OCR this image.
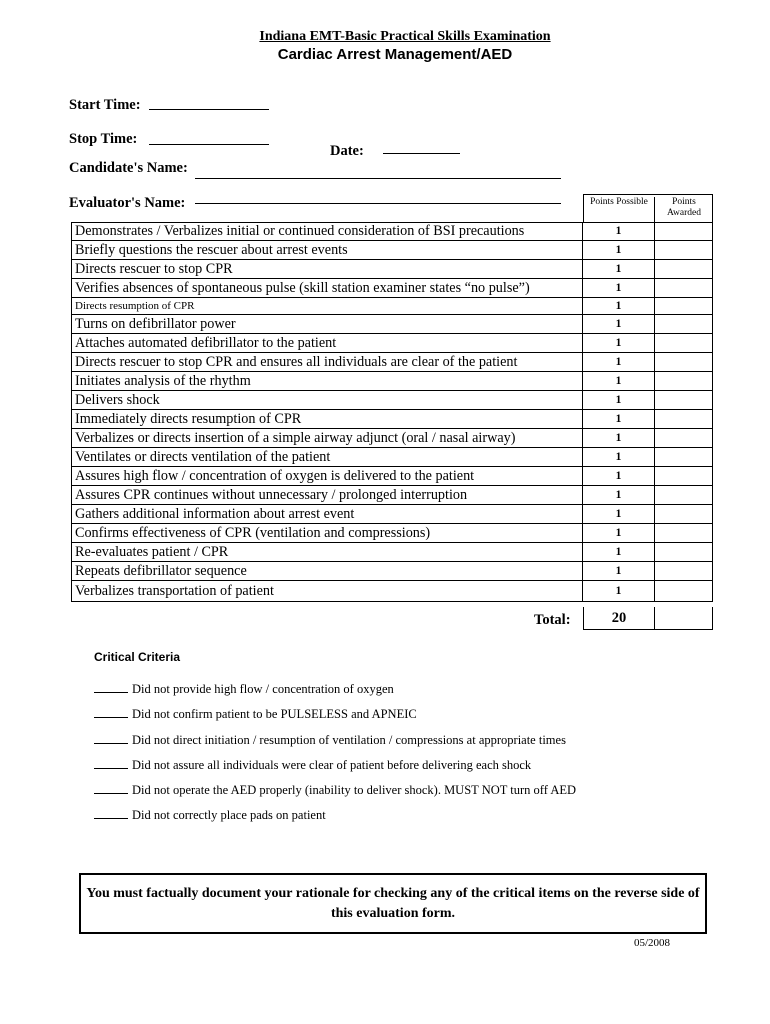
Indiana EMT-Basic Practical Skills Examination
Cardiac Arrest Management/AED
Start Time:
Stop Time:
Date:
Candidate's Name:
Evaluator's Name:	Points Possible	Points Awarded
Demonstrates / Verbalizes initial or continued consideration of BSI precautions	1
Briefly questions the rescuer about arrest events	1
Directs rescuer to stop CPR	1
Verifies absences of spontaneous pulse (skill station examiner states “no pulse”)	1
Directs resumption of CPR	1
Turns on defibrillator power	1
Attaches automated defibrillator to the patient	1
Directs rescuer to stop CPR and ensures all individuals are clear of the patient	1
Initiates analysis of the rhythm	1
Delivers shock	1
Immediately directs resumption of CPR	1
Verbalizes or directs insertion of a simple airway adjunct (oral / nasal airway)	1
Ventilates or directs ventilation of the patient	1
Assures high flow / concentration of oxygen is delivered to the patient	1
Assures CPR continues without unnecessary / prolonged interruption	1
Gathers additional information about arrest event	1
Confirms effectiveness of CPR (ventilation and compressions)	1
Re-evaluates patient / CPR	1
Repeats defibrillator sequence	1
Verbalizes transportation of patient	1
Total:	20
Critical Criteria
Did not provide high flow / concentration of oxygen
Did not confirm patient to be PULSELESS and APNEIC
Did not direct initiation / resumption of ventilation / compressions at appropriate times
Did not assure all individuals were clear of patient before delivering each shock
Did not operate the AED properly (inability to deliver shock). MUST NOT turn off AED
Did not correctly place pads on patient
You must factually document your rationale for checking any of the critical items on the reverse side of this evaluation form.
05/2008
